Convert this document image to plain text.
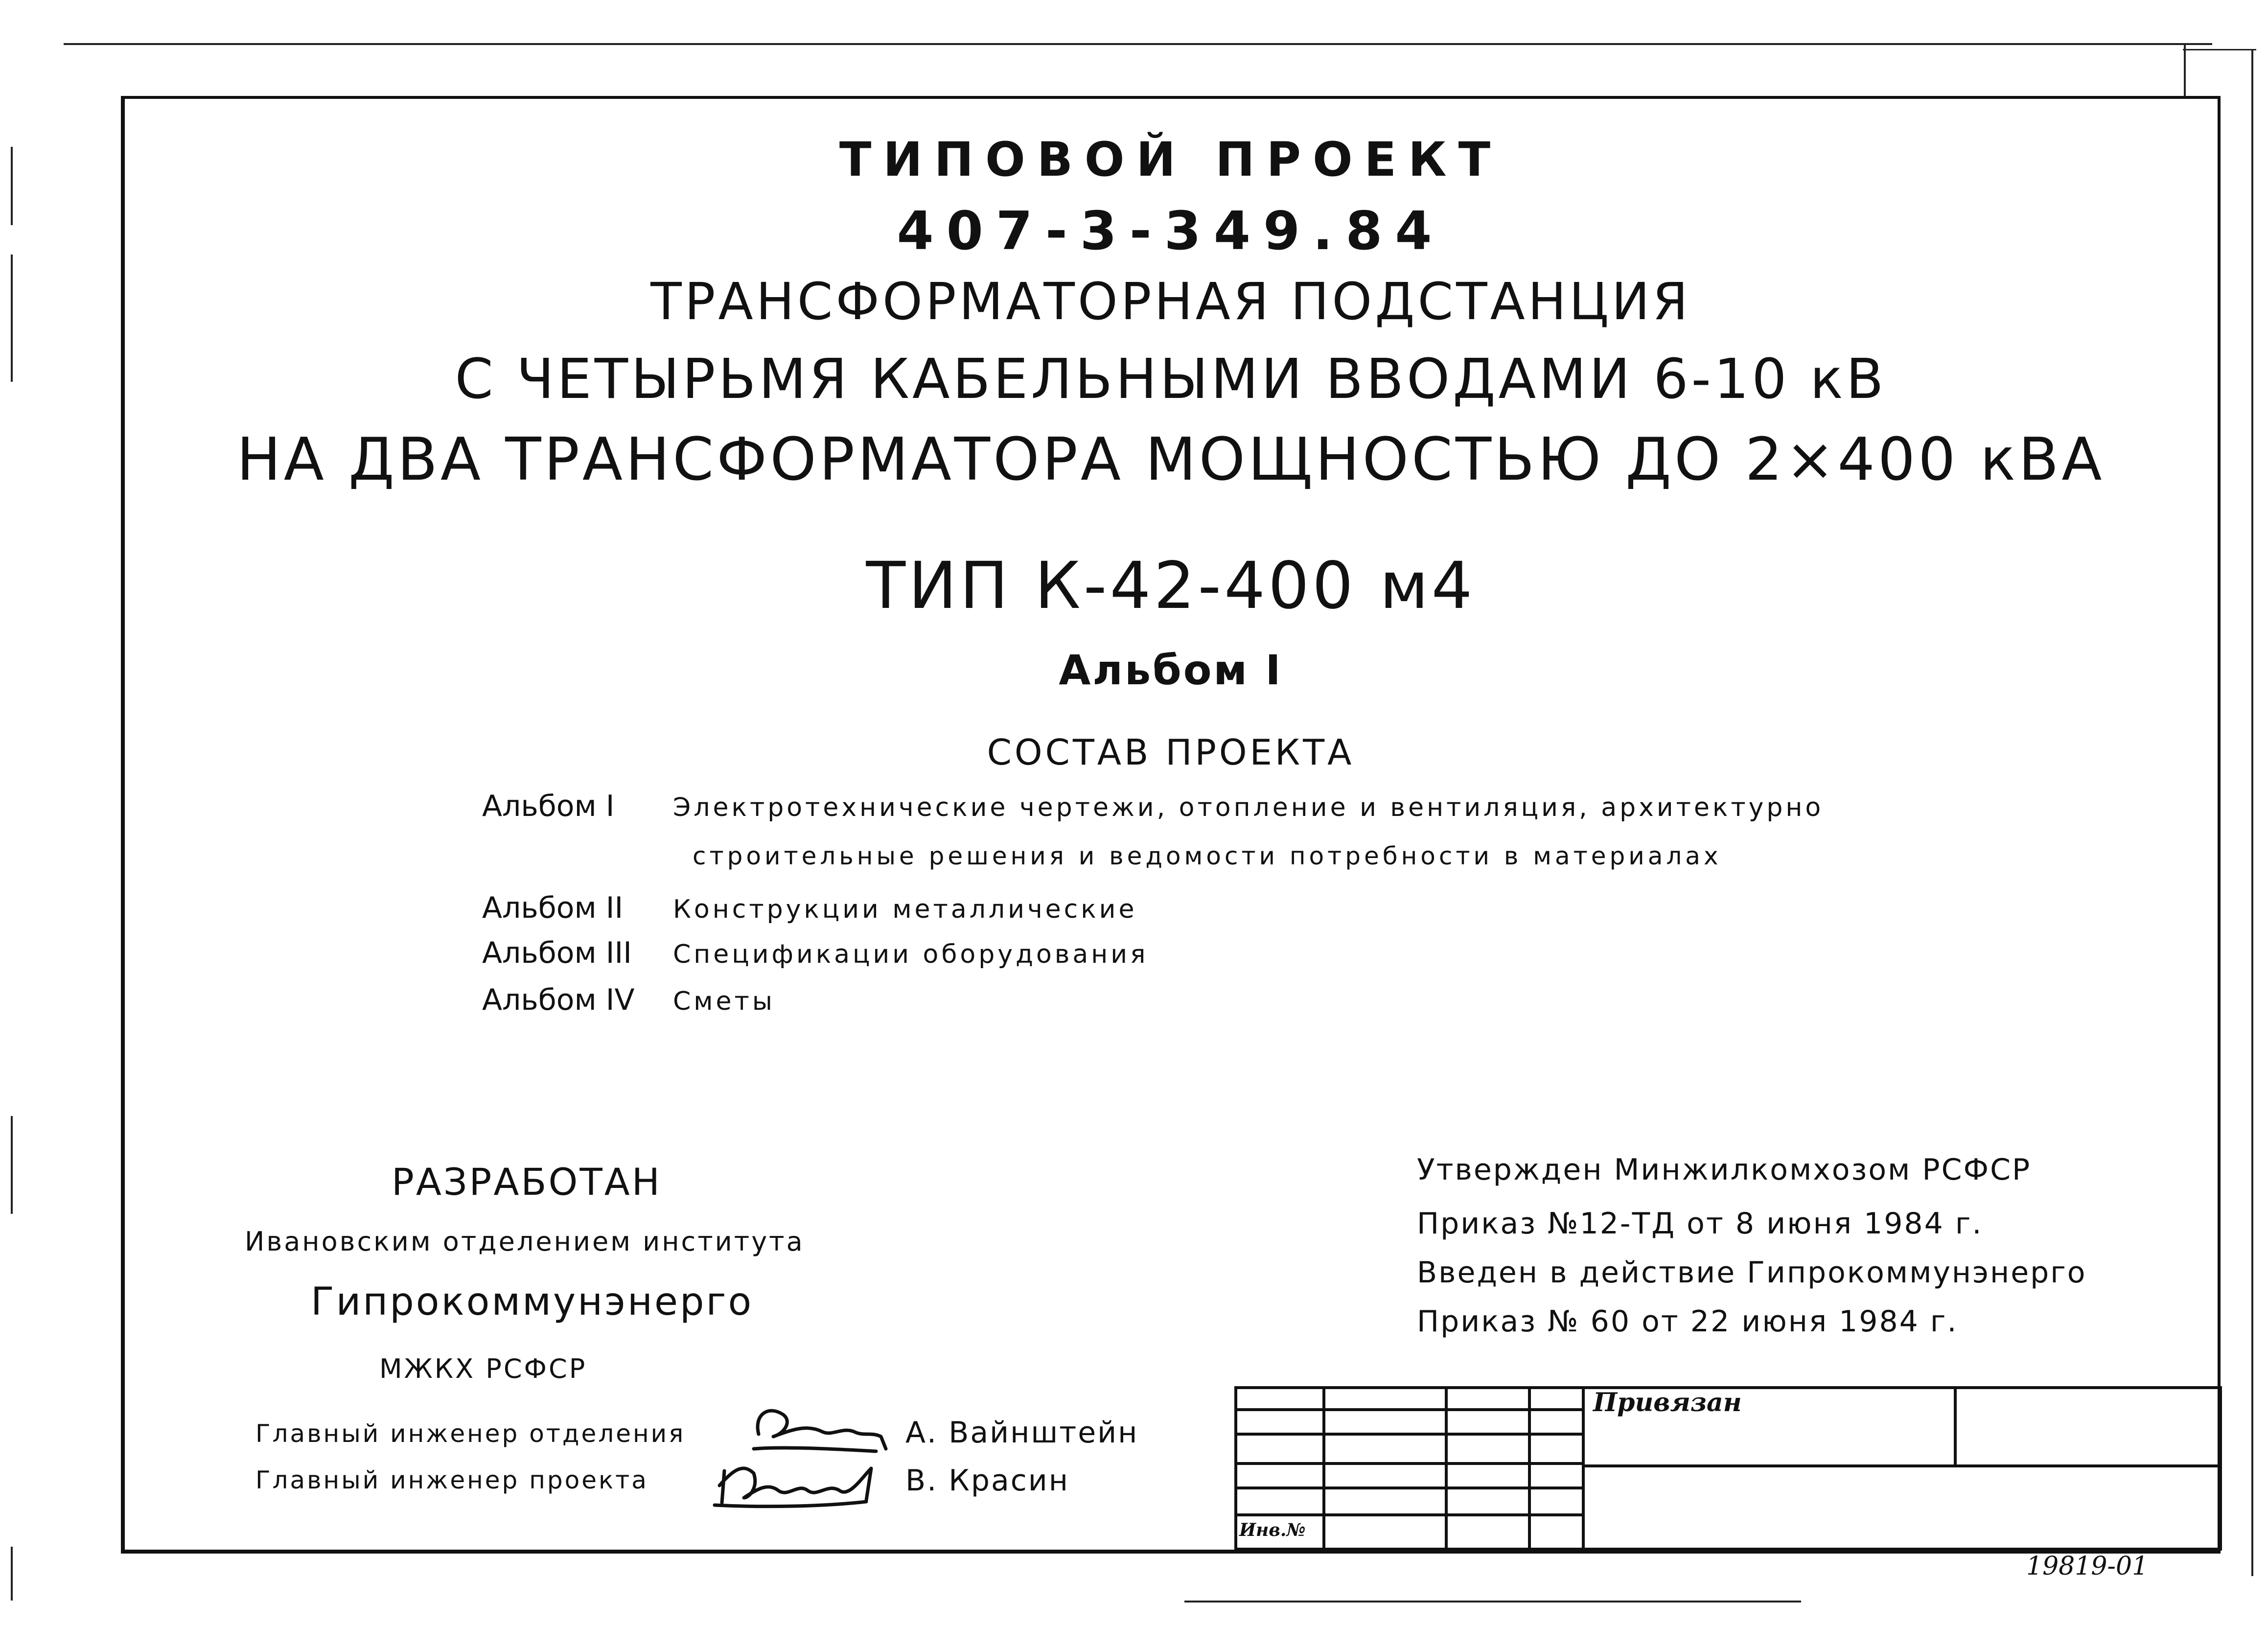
ТИПОВОЙ ПРОЕКТ
407-3-349.84
ТРАНСФОРМАТОРНАЯ ПОДСТАНЦИЯ
С ЧЕТЫРЬМЯ КАБЕЛЬНЫМИ ВВОДАМИ 6-10 кВ
НА ДВА ТРАНСФОРМАТОРА МОЩНОСТЬЮ ДО 2×400 кВА
ТИП К-42-400 м4
Альбом I
СОСТАВ ПРОЕКТА
Альбом I Электротехнические чертежи, отопление и вентиляция, архитектурно
строительные решения и ведомости потребности в материалах
Альбом II Конструкции металлические
Альбом III Спецификации оборудования
Альбом IV Сметы
РАЗРАБОТАН
Ивановским отделением института
Гипрокоммунэнерго
МЖКХ РСФСР
Главный инженер отделения	А. Вайнштейн
Главный инженер проекта	В. Красин
Утвержден Минжилкомхозом РСФСР
Приказ №12-ТД от 8 июня 1984 г.
Введен в действие Гипрокоммунэнерго
Приказ № 60 от 22 июня 1984 г.
Привязан
Инв.№
19819-01
